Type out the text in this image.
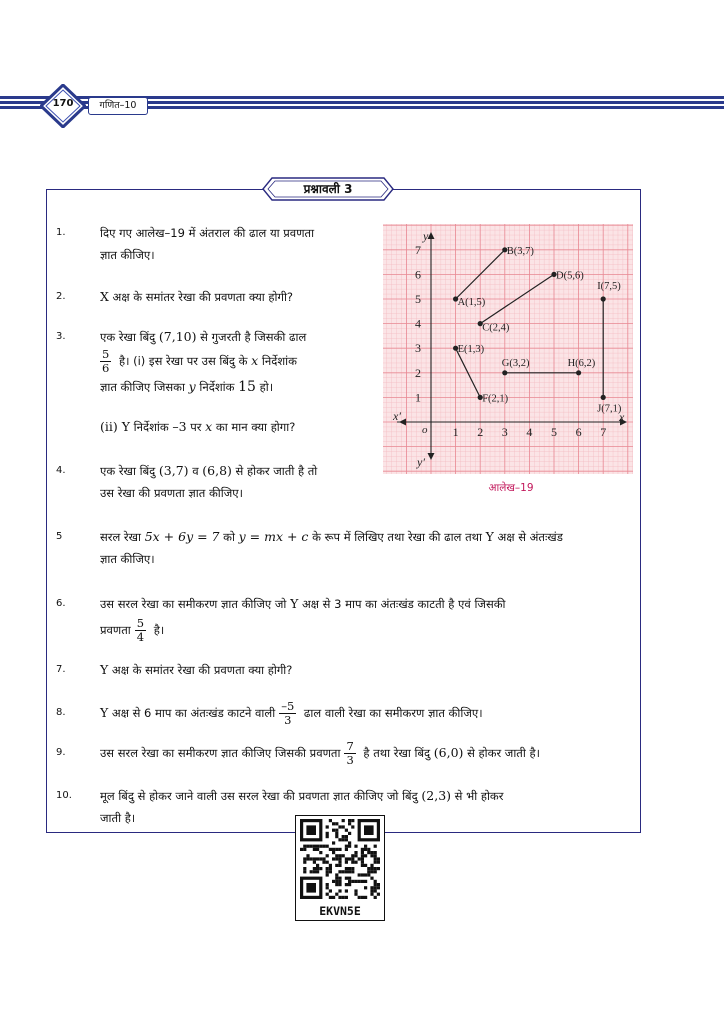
170	गणित–10
प्रश्नावली 3
1.	दिए गए आलेख–19 में अंतराल की ढाल या प्रवणता
ज्ञात कीजिए।
2.	X अक्ष के समांतर रेखा की प्रवणता क्या होगी?
3.	एक रेखा बिंदु (7,10) से गुजरती है जिसकी ढाल
$\frac{5}{6}$ है। (i) इस रेखा पर उस बिंदु के x निर्देशांक
ज्ञात कीजिए जिसका y निर्देशांक 15 हो।
(ii) Y निर्देशांक –3 पर x का मान क्या होगा?
4.	एक रेखा बिंदु (3,7) व (6,8) से होकर जाती है तो
उस रेखा की प्रवणता ज्ञात कीजिए।
5	सरल रेखा 5x + 6y = 7 को y = mx + c के रूप में लिखिए तथा रेखा की ढाल तथा Y अक्ष से अंतःखंड
ज्ञात कीजिए।
6.	उस सरल रेखा का समीकरण ज्ञात कीजिए जो Y अक्ष से 3 माप का अंतःखंड काटती है एवं जिसकी
प्रवणता $\frac{5}{4}$ है।
7.	Y अक्ष के समांतर रेखा की प्रवणता क्या होगी?
8.	Y अक्ष से 6 माप का अंतःखंड काटने वाली $\frac{-5}{3}$ ढाल वाली रेखा का समीकरण ज्ञात कीजिए।
9.	उस सरल रेखा का समीकरण ज्ञात कीजिए जिसकी प्रवणता $\frac{7}{3}$ है तथा रेखा बिंदु (6,0) से होकर जाती है।
10. मूल बिंदु से होकर जाने वाली उस सरल रेखा की प्रवणता ज्ञात कीजिए जो बिंदु (2,3) से भी होकर
जाती है।
x
x′
y
y′
o 1 2 3 4 5 6 7
1
2
3
4
5
6
7
A(1,5)
B(3,7)
C(2,4)
D(5,6)
E(1,3)
F(2,1)
G(3,2)	H(6,2)
I(7,5)
J(7,1)
आलेख–19
EKVN5E
